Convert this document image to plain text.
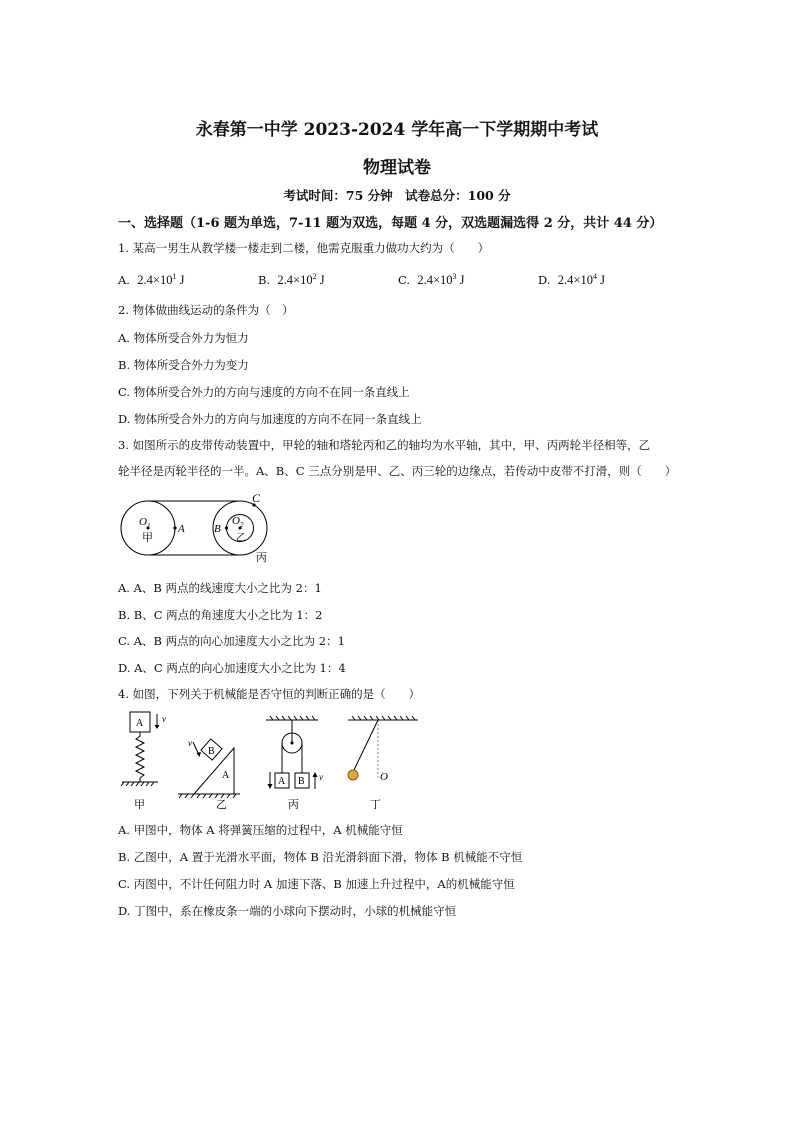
永春第一中学 2023-2024 学年高一下学期期中考试
物理试卷
考试时间：75 分钟　试卷总分：100 分
一、选择题（1-6 题为单选，7-11 题为双选，每题 4 分，双选题漏选得 2 分，共计 44 分）
1. 某高一男生从教学楼一楼走到二楼，他需克服重力做功大约为（　　）
A. $2.4\times 10^1$ J	B. $2.4\times 10^2$ J	C. $2.4\times 10^3$ J	D. $2.4\times 10^4$ J
2. 物体做曲线运动的条件为（　）
A. 物体所受合外力为恒力
B. 物体所受合外力为变力
C. 物体所受合外力的方向与速度的方向不在同一条直线上
D. 物体所受合外力的方向与加速度的方向不在同一条直线上
3. 如图所示的皮带传动装置中，甲轮的轴和塔轮丙和乙的轴均为水平轴，其中，甲、丙两轮半径相等，乙
轮半径是丙轮半径的一半。A、B、C 三点分别是甲、乙、丙三轮的边缘点，若传动中皮带不打滑，则（　　）
$O_1$	A	B
$O_2$
C
甲	乙
丙
A. A、B 两点的线速度大小之比为 2：1
B. B、C 两点的角速度大小之比为 1：2
C. A、B 两点的向心加速度大小之比为 2：1
D. A、C 两点的向心加速度大小之比为 1：4
4. 如图，下列关于机械能是否守恒的判断正确的是（　　）
A v
甲
B
A
v
乙
A B v
丙
O
丁
A. 甲图中，物体 A 将弹簧压缩的过程中，A 机械能守恒
B. 乙图中，A 置于光滑水平面，物体 B 沿光滑斜面下滑，物体 B 机械能不守恒
C. 丙图中，不计任何阻力时 A 加速下落、B 加速上升过程中，A的机械能守恒
D. 丁图中，系在橡皮条一端的小球向下摆动时，小球的机械能守恒
